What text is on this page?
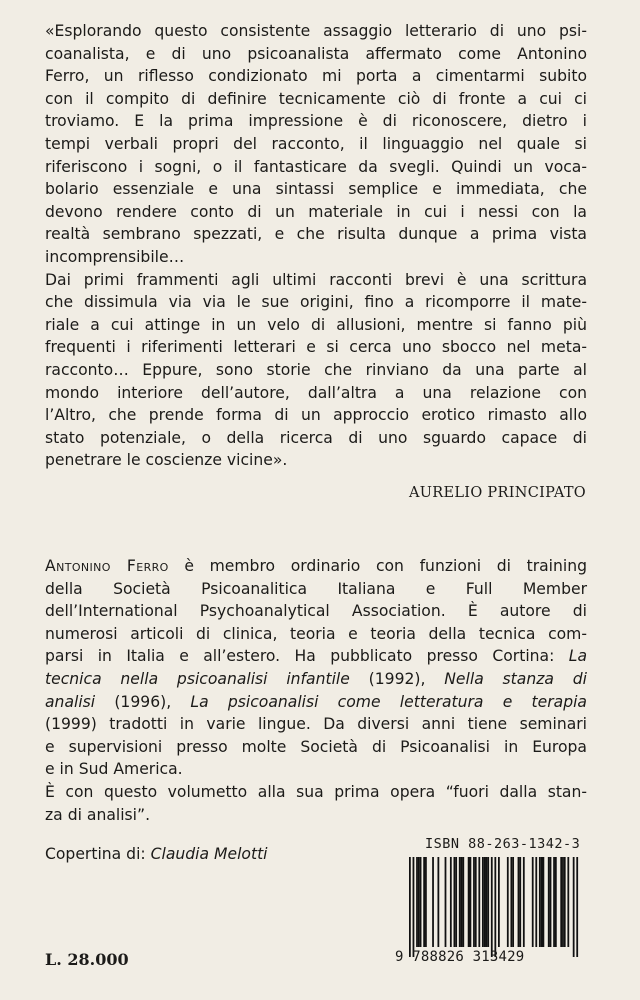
«Esplorando questo consistente assaggio letterario di uno psi-
coanalista, e di uno psicoanalista affermato come Antonino
Ferro, un riflesso condizionato mi porta a cimentarmi subito
con il compito di definire tecnicamente ciò di fronte a cui ci
troviamo. E la prima impressione è di riconoscere, dietro i
tempi verbali propri del racconto, il linguaggio nel quale si
riferiscono i sogni, o il fantasticare da svegli. Quindi un voca-
bolario essenziale e una sintassi semplice e immediata, che
devono rendere conto di un materiale in cui i nessi con la
realtà sembrano spezzati, e che risulta dunque a prima vista
incomprensibile…
Dai primi frammenti agli ultimi racconti brevi è una scrittura
che dissimula via via le sue origini, fino a ricomporre il mate-
riale a cui attinge in un velo di allusioni, mentre si fanno più
frequenti i riferimenti letterari e si cerca uno sbocco nel meta-
racconto… Eppure, sono storie che rinviano da una parte al
mondo interiore dell’autore, dall’altra a una relazione con
l’Altro, che prende forma di un approccio erotico rimasto allo
stato potenziale, o della ricerca di uno sguardo capace di
penetrare le coscienze vicine».
AURELIO PRINCIPATO
Antonino Ferro è membro ordinario con funzioni di training
della Società Psicoanalitica Italiana e Full Member
dell’International Psychoanalytical Association. È autore di
numerosi articoli di clinica, teoria e teoria della tecnica com-
parsi in Italia e all’estero. Ha pubblicato presso Cortina: La
tecnica nella psicoanalisi infantile (1992), Nella stanza di
analisi (1996), La psicoanalisi come letteratura e terapia
(1999) tradotti in varie lingue. Da diversi anni tiene seminari
e supervisioni presso molte Società di Psicoanalisi in Europa
e in Sud America.
È con questo volumetto alla sua prima opera “fuori dalla stan-
za di analisi”.
Copertina di: Claudia Melotti
L. 28.000
ISBN 88-263-1342-3
9 788826 313429
